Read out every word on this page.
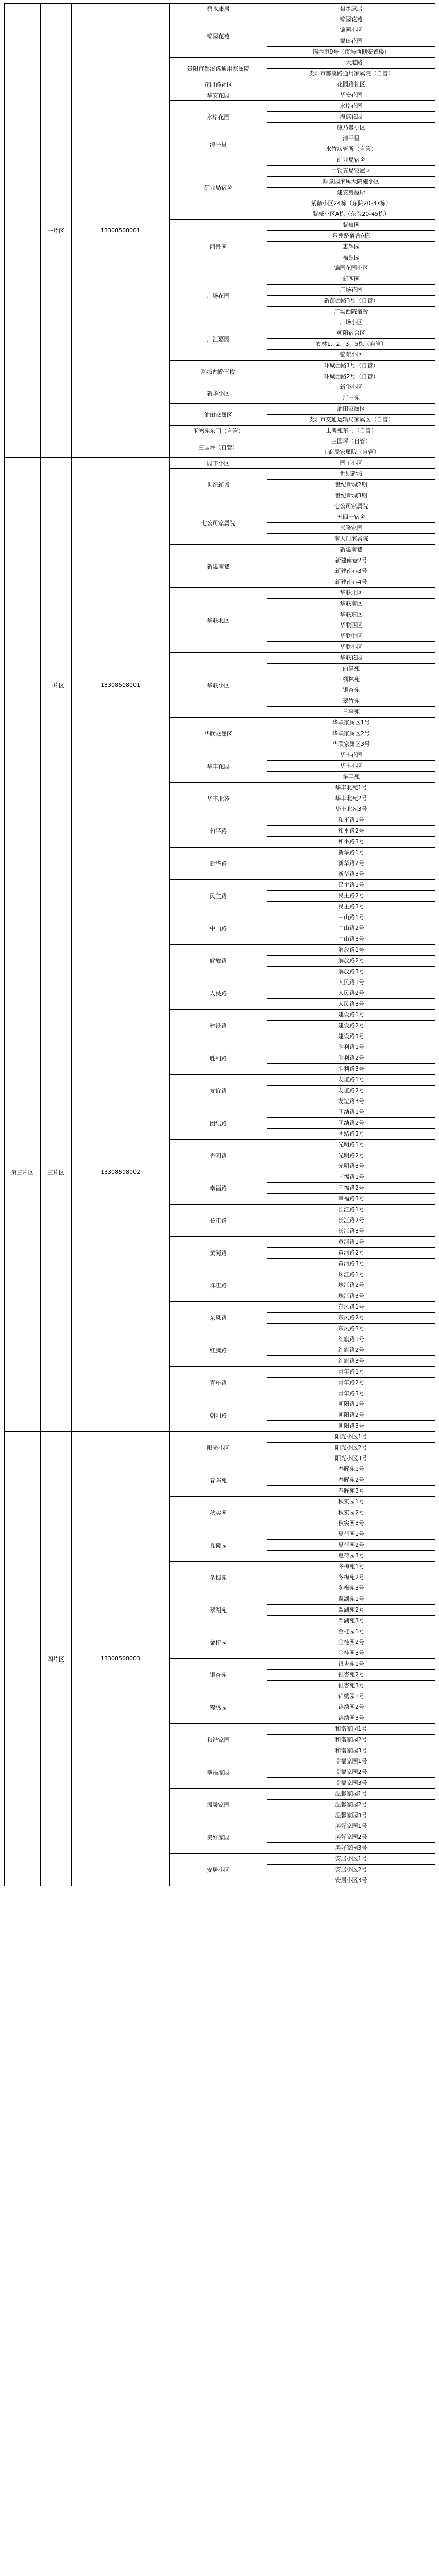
	一片区	13308508001	碧水康居	碧水康居
			锦园花苑	锦园花苑
				锦园小区
				福田花园
				锦西市9号（市场西侧安置楼）
			贵阳市都溪路通用家属院	一大道路
				贵阳市都溪路通用家属院（自管）
			花园路社区	花园路社区
			华安花园	华安花园
			水岸花园	水岸花园
				海滨花园
				康乃馨小区
			清平里	清平里
				水竹房管所（自管）
			矿业局宿舍	矿业局宿舍
				中铁五局家属区
				顺景园家属大院施小区
				建安房屋所
				紫薇小区24栋（东院20-37栋）
				紫薇小区A栋（东院20-45栋）
			丽景园	紫薇园
				东苑路宿舍A栋
				惠辉园
				福源园
				锦园花园小区
			广场花园	新西园
				广场花园
				新苗西路3号（自管）
				广场西院宿舍
			广汇嘉园	广场小区
				朝阳宿舍区
				农林1、2、3、5栋（自管）
				锦苑小区
			环城西路三段	环城西路1号（自管）
				环城西路2号（自管）
			新华小区	新华小区
				汇丰苑
			油田家属区	油田家属区
				贵阳市交通运输局家属区（自管）
			玉鸿苑东门（自管）	玉鸿苑东门（自管）
			三国坪（自管）	三国坪（自管）
				工商局家属院（自管）
	二片区	13308508001	园丁小区	园丁小区
			世纪新城	世纪新城
				世纪新城2期
				世纪新城3期
			七公司家属院	七公司家属院
				五四一宿舍
				兴隆家园
				南天门家属院
			新建南巷	新建南巷
				新建南巷2号
				新建南巷3号
				新建南巷4号
			华联北区	华联北区
				华联南区
				华联东区
				华联西区
				华联中区
				华联小区
			华联小区	华联花园
				丽景苑
				枫林苑
				银杏苑
				翠竹苑
				兰亭苑
			华联家属区	华联家属区1号
				华联家属区2号
				华联家属区3号
			华丰花园	华丰花园
				华丰小区
				华丰苑
			华丰北苑	华丰北苑1号
				华丰北苑2号
				华丰北苑3号
			和平路	和平路1号
				和平路2号
				和平路3号
			新华路	新华路1号
				新华路2号
				新华路3号
			民主路	民主路1号
				民主路2号
				民主路3号
第三片区	三片区	13308508002	中山路	中山路1号
				中山路2号
				中山路3号
			解放路	解放路1号
				解放路2号
				解放路3号
			人民路	人民路1号
				人民路2号
				人民路3号
			建设路	建设路1号
				建设路2号
				建设路3号
			胜利路	胜利路1号
				胜利路2号
				胜利路3号
			友谊路	友谊路1号
				友谊路2号
				友谊路3号
			团结路	团结路1号
				团结路2号
				团结路3号
			光明路	光明路1号
				光明路2号
				光明路3号
			幸福路	幸福路1号
				幸福路2号
				幸福路3号
			长江路	长江路1号
				长江路2号
				长江路3号
			黄河路	黄河路1号
				黄河路2号
				黄河路3号
			珠江路	珠江路1号
				珠江路2号
				珠江路3号
			东风路	东风路1号
				东风路2号
				东风路3号
			红旗路	红旗路1号
				红旗路2号
				红旗路3号
			青年路	青年路1号
				青年路2号
				青年路3号
			朝阳路	朝阳路1号
				朝阳路2号
				朝阳路3号
	四片区	13308508003	阳光小区	阳光小区1号
				阳光小区2号
				阳光小区3号
			春晖苑	春晖苑1号
				春晖苑2号
				春晖苑3号
			秋实园	秋实园1号
				秋实园2号
				秋实园3号
			夏荷园	夏荷园1号
				夏荷园2号
				夏荷园3号
			冬梅苑	冬梅苑1号
				冬梅苑2号
				冬梅苑3号
			翠湖苑	翠湖苑1号
				翠湖苑2号
				翠湖苑3号
			金桂园	金桂园1号
				金桂园2号
				金桂园3号
			银杏苑	银杏苑1号
				银杏苑2号
				银杏苑3号
			锦绣园	锦绣园1号
				锦绣园2号
				锦绣园3号
			和谐家园	和谐家园1号
				和谐家园2号
				和谐家园3号
			幸福家园	幸福家园1号
				幸福家园2号
				幸福家园3号
			温馨家园	温馨家园1号
				温馨家园2号
				温馨家园3号
			美好家园	美好家园1号
				美好家园2号
				美好家园3号
			安居小区	安居小区1号
				安居小区2号
				安居小区3号
